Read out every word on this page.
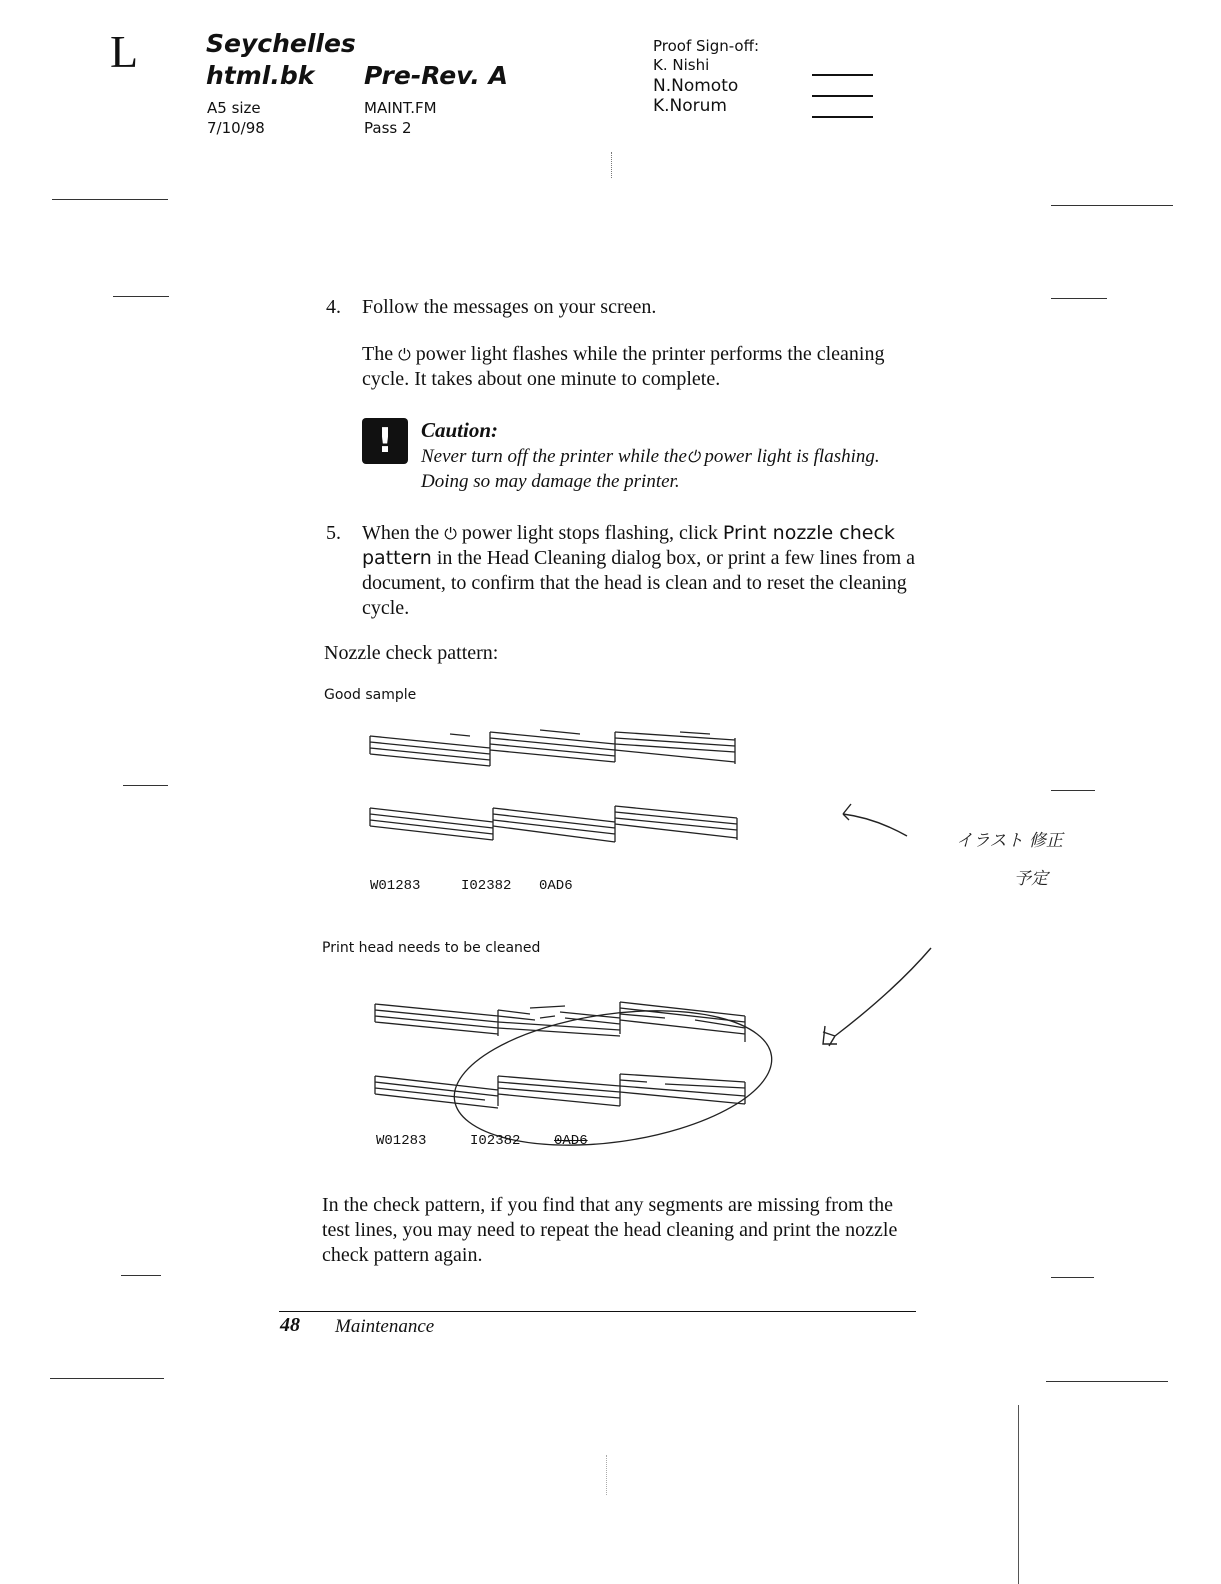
L	Seychelles
html.bk Pre-Rev. A
A5 size
7/10/98
MAINT.FM
Pass 2
Proof Sign-off:
K. Nishi
N.Nomoto
K.Norum
4. Follow the messages on your screen.
The ⏻ power light flashes while the printer performs the cleaning cycle. It takes about one minute to complete.
! Caution:
Never turn off the printer while the⏻ power light is flashing.
Doing so may damage the printer.
5. When the ⏻ power light stops flashing, click Print nozzle check pattern in the Head Cleaning dialog box, or print a few lines from a document, to confirm that the head is clean and to reset the cleaning cycle.
Nozzle check pattern:
Good sample
W01283	I02382 0AD6
イラスト 修正
予定
Print head needs to be cleaned
W01283	I02382 0AD6
In the check pattern, if you find that any segments are missing from the test lines, you may need to repeat the head cleaning and print the nozzle check pattern again.
48 Maintenance
